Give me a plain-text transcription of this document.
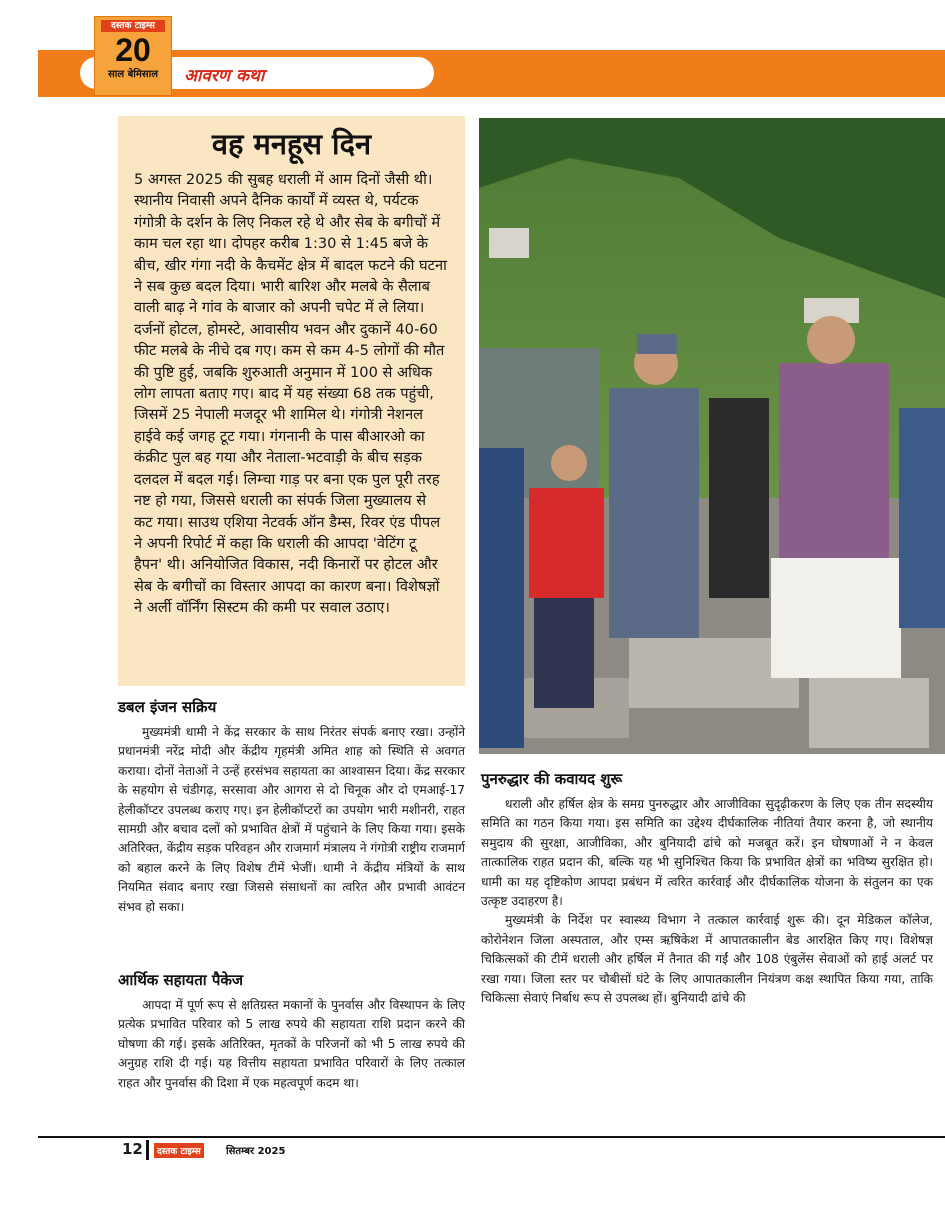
आवरण कथा
दस्तक टाइम्स
20
साल बेमिसाल
वह मनहूस दिन

5 अगस्त 2025 की सुबह धराली में आम दिनों जैसी थी। स्थानीय निवासी अपने दैनिक कार्यों में व्यस्त थे, पर्यटक गंगोत्री के दर्शन के लिए निकल रहे थे और सेब के बगीचों में काम चल रहा था। दोपहर करीब 1:30 से 1:45 बजे के बीच, खीर गंगा नदी के कैचमेंट क्षेत्र में बादल फटने की घटना ने सब कुछ बदल दिया। भारी बारिश और मलबे के सैलाब वाली बाढ़ ने गांव के बाजार को अपनी चपेट में ले लिया। दर्जनों होटल, होमस्टे, आवासीय भवन और दुकानें 40-60 फीट मलबे के नीचे दब गए। कम से कम 4-5 लोगों की मौत की पुष्टि हुई, जबकि शुरुआती अनुमान में 100 से अधिक लोग लापता बताए गए। बाद में यह संख्या 68 तक पहुंची, जिसमें 25 नेपाली मजदूर भी शामिल थे। गंगोत्री नेशनल हाईवे कई जगह टूट गया। गंगनानी के पास बीआरओ का कंक्रीट पुल बह गया और नेताला-भटवाड़ी के बीच सड़क दलदल में बदल गई। लिम्चा गाड़ पर बना एक पुल पूरी तरह नष्ट हो गया, जिससे धराली का संपर्क जिला मुख्यालय से कट गया। साउथ एशिया नेटवर्क ऑन डैम्स, रिवर एंड पीपल ने अपनी रिपोर्ट में कहा कि धराली की आपदा 'वेटिंग टू हैपन' थी। अनियोजित विकास, नदी किनारों पर होटल और सेब के बगीचों का विस्तार आपदा का कारण बना। विशेषज्ञों ने अर्ली वॉर्निंग सिस्टम की कमी पर सवाल उठाए।

डबल इंजन सक्रिय

मुख्यमंत्री धामी ने केंद्र सरकार के साथ निरंतर संपर्क बनाए रखा। उन्होंने प्रधानमंत्री नरेंद्र मोदी और केंद्रीय गृहमंत्री अमित शाह को स्थिति से अवगत कराया। दोनों नेताओं ने उन्हें हरसंभव सहायता का आश्वासन दिया। केंद्र सरकार के सहयोग से चंडीगढ़, सरसावा और आगरा से दो चिनूक और दो एमआई-17 हेलीकॉप्टर उपलब्ध कराए गए। इन हेलीकॉप्टरों का उपयोग भारी मशीनरी, राहत सामग्री और बचाव दलों को प्रभावित क्षेत्रों में पहुंचाने के लिए किया गया। इसके अतिरिक्त, केंद्रीय सड़क परिवहन और राजमार्ग मंत्रालय ने गंगोत्री राष्ट्रीय राजमार्ग को बहाल करने के लिए विशेष टीमें भेजीं। धामी ने केंद्रीय मंत्रियों के साथ नियमित संवाद बनाए रखा जिससे संसाधनों का त्वरित और प्रभावी आवंटन संभव हो सका।

आर्थिक सहायता पैकेज

आपदा में पूर्ण रूप से क्षतिग्रस्त मकानों के पुनर्वास और विस्थापन के लिए प्रत्येक प्रभावित परिवार को 5 लाख रुपये की सहायता राशि प्रदान करने की घोषणा की गई। इसके अतिरिक्त, मृतकों के परिजनों को भी 5 लाख रुपये की अनुग्रह राशि दी गई। यह वित्तीय सहायता प्रभावित परिवारों के लिए तत्काल राहत और पुनर्वास की दिशा में एक महत्वपूर्ण कदम था।

पुनरुद्धार की कवायद शुरू

धराली और हर्षिल क्षेत्र के समग्र पुनरुद्धार और आजीविका सुदृढ़ीकरण के लिए एक तीन सदस्यीय समिति का गठन किया गया। इस समिति का उद्देश्य दीर्घकालिक नीतियां तैयार करना है, जो स्थानीय समुदाय की सुरक्षा, आजीविका, और बुनियादी ढांचे को मजबूत करें। इन घोषणाओं ने न केवल तात्कालिक राहत प्रदान की, बल्कि यह भी सुनिश्चित किया कि प्रभावित क्षेत्रों का भविष्य सुरक्षित हो। धामी का यह दृष्टिकोण आपदा प्रबंधन में त्वरित कार्रवाई और दीर्घकालिक योजना के संतुलन का एक उत्कृष्ट उदाहरण है।

मुख्यमंत्री के निर्देश पर स्वास्थ्य विभाग ने तत्काल कार्रवाई शुरू की। दून मेडिकल कॉलेज, कोरोनेशन जिला अस्पताल, और एम्स ऋषिकेश में आपातकालीन बेड आरक्षित किए गए। विशेषज्ञ चिकित्सकों की टीमें धराली और हर्षिल में तैनात की गईं और 108 एंबुलेंस सेवाओं को हाई अलर्ट पर रखा गया। जिला स्तर पर चौबीसों घंटे के लिए आपातकालीन नियंत्रण कक्ष स्थापित किया गया, ताकि चिकित्सा सेवाएं निर्बाध रूप से उपलब्ध हों। बुनियादी ढांचे की

12	दस्तक टाइम्स	सितम्बर 2025
